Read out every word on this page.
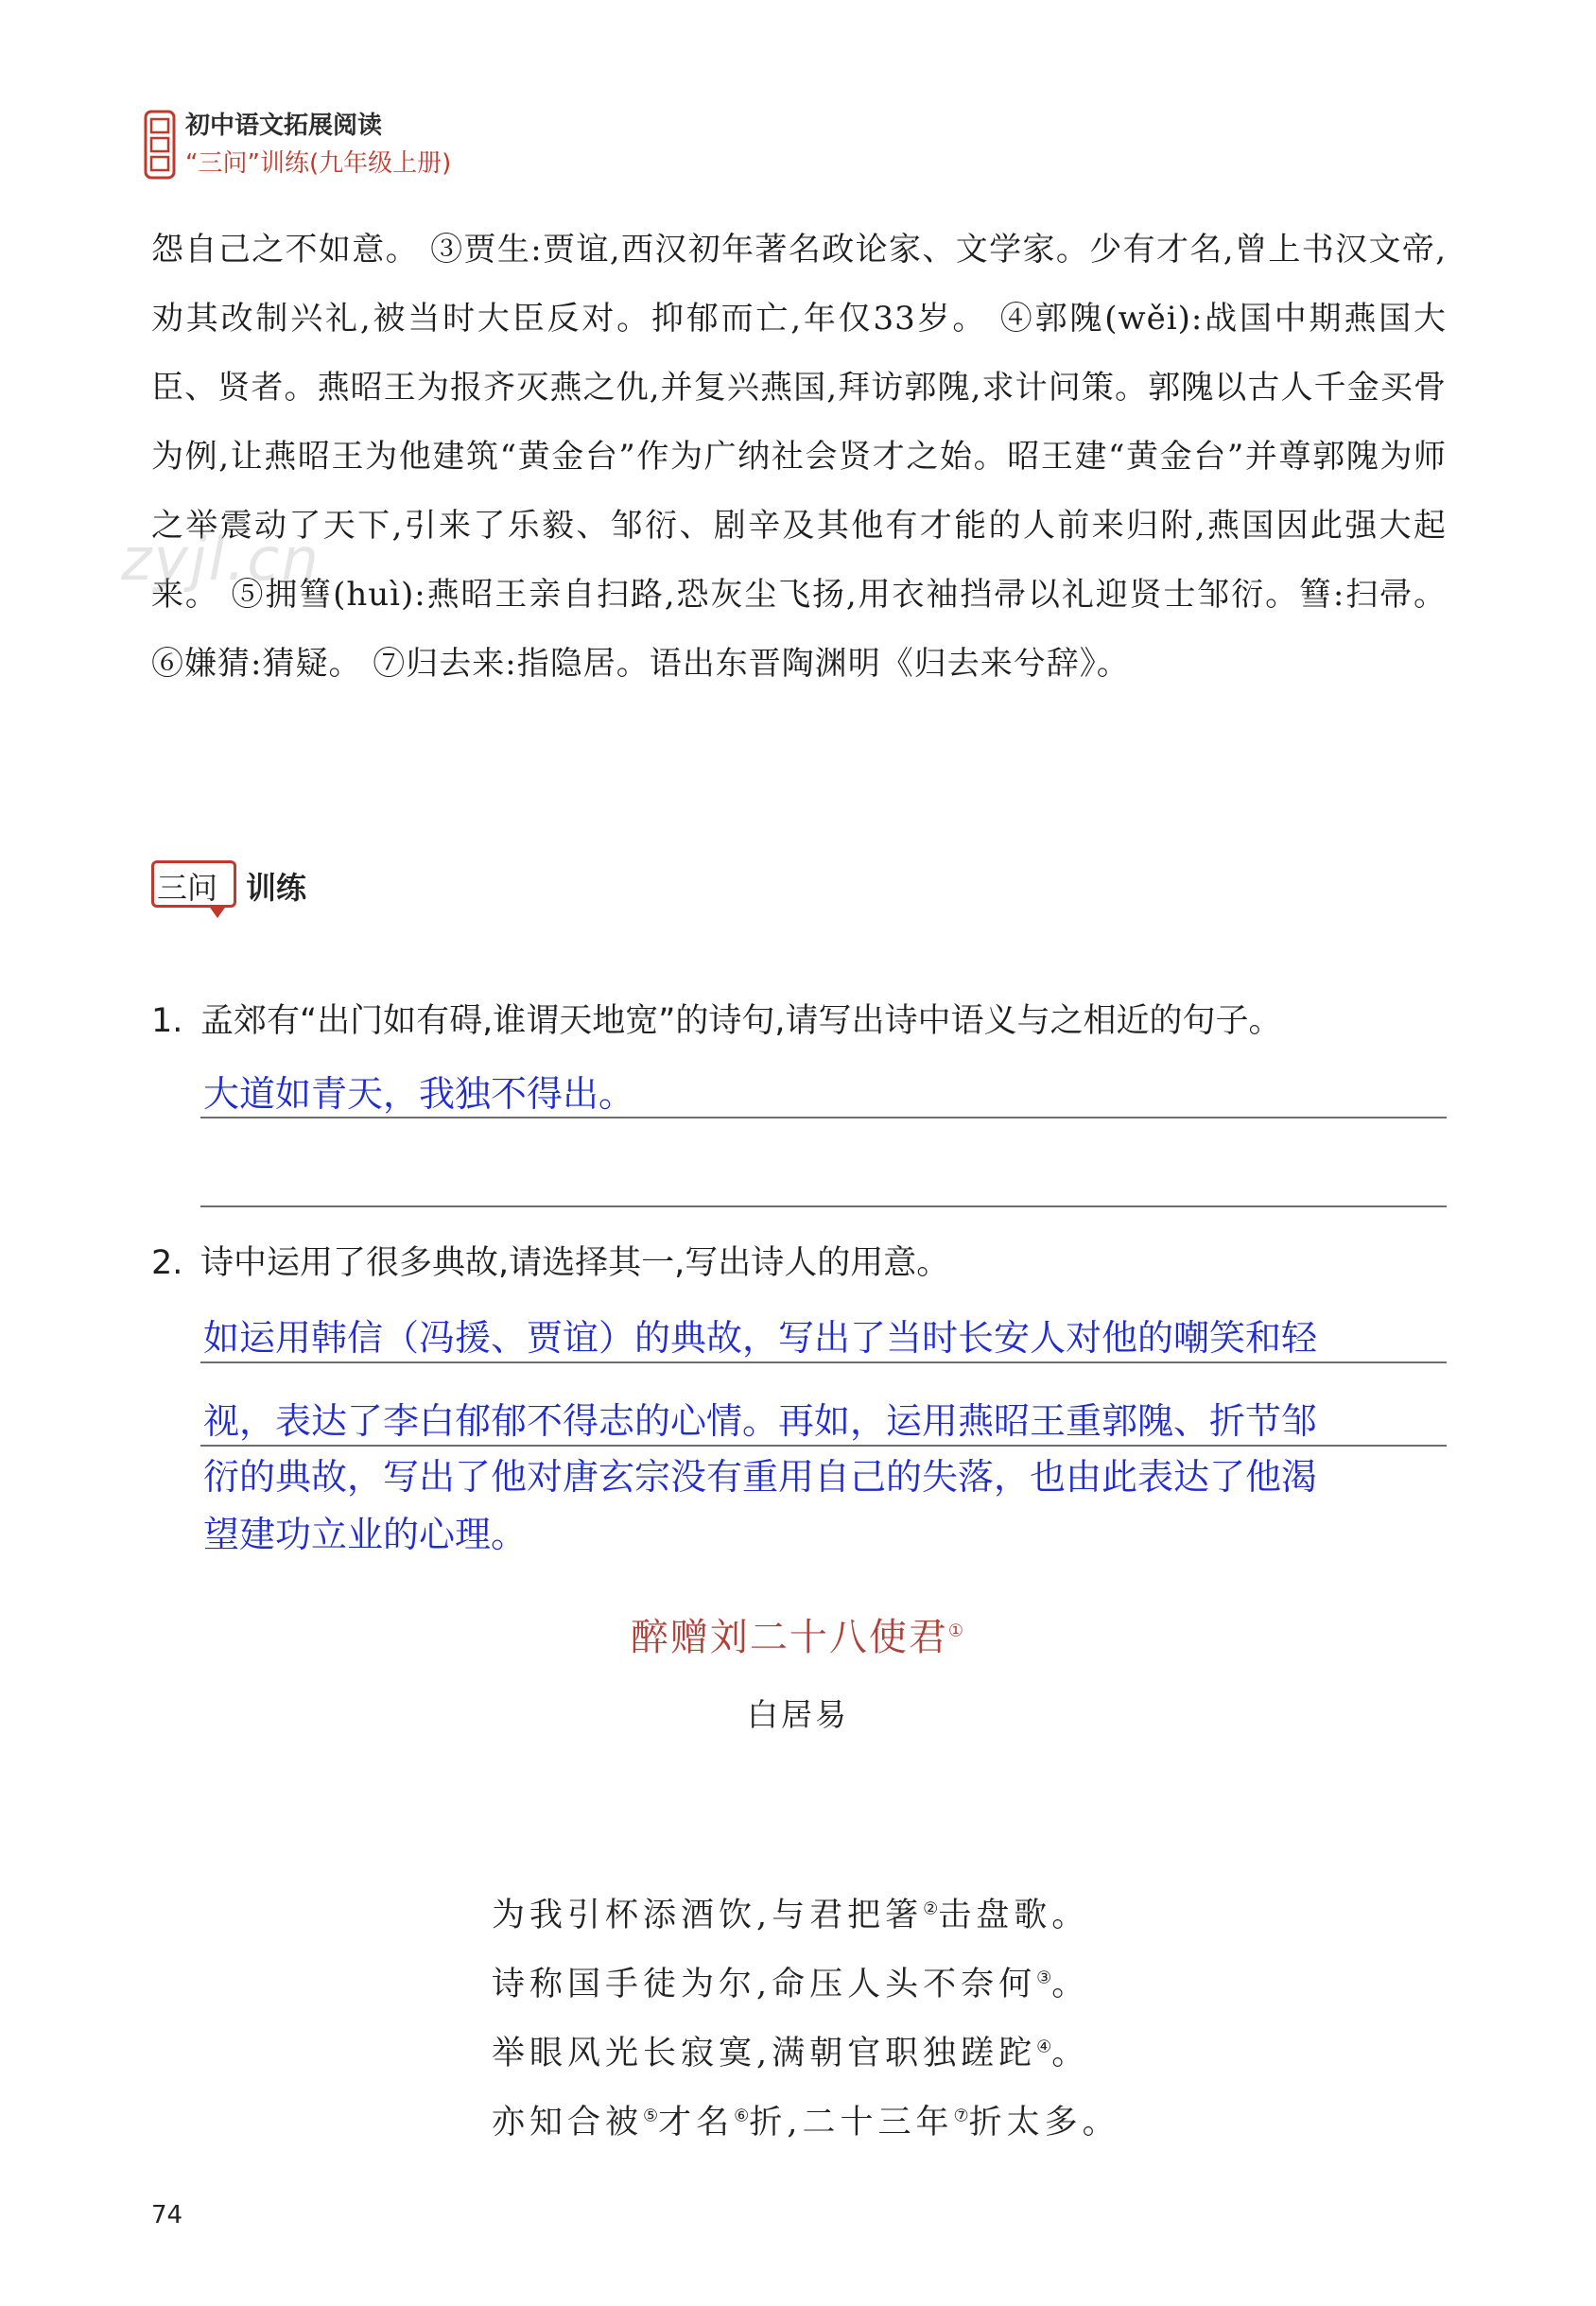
初中语文拓展阅读
“三问”训练(九年级上册)

怨自己之不如意。 ③贾生:贾谊,西汉初年著名政论家、文学家。少有才名,曾上书汉文帝,劝其改制兴礼,被当时大臣反对。抑郁而亡,年仅33岁。 ④郭隗(wěi):战国中期燕国大臣、贤者。燕昭王为报齐灭燕之仇,并复兴燕国,拜访郭隗,求计问策。郭隗以古人千金买骨为例,让燕昭王为他建筑“黄金台”作为广纳社会贤才之始。昭王建“黄金台”并尊郭隗为师之举震动了天下,引来了乐毅、邹衍、剧辛及其他有才能的人前来归附,燕国因此强大起来。 ⑤拥篲(huì):燕昭王亲自扫路,恐灰尘飞扬,用衣袖挡帚以礼迎贤士邹衍。篲:扫帚。 ⑥嫌猜:猜疑。 ⑦归去来:指隐居。语出东晋陶渊明《归去来兮辞》。

zyjl.cn
三问 训练
1. 孟郊有“出门如有碍,谁谓天地宽”的诗句,请写出诗中语义与之相近的句子。
大道如青天，我独不得出。
2. 诗中运用了很多典故,请选择其一,写出诗人的用意。
如运用韩信（冯援、贾谊）的典故，写出了当时长安人对他的嘲笑和轻
视，表达了李白郁郁不得志的心情。再如，运用燕昭王重郭隗、折节邹
衍的典故，写出了他对唐玄宗没有重用自己的失落，也由此表达了他渴
望建功立业的心理。
醉赠刘二十八使君①
白居易
为我引杯添酒饮,与君把箸②击盘歌。
诗称国手徒为尔,命压人头不奈何③。
举眼风光长寂寞,满朝官职独蹉跎④。
亦知合被⑤才名⑥折,二十三年⑦折太多。
74
